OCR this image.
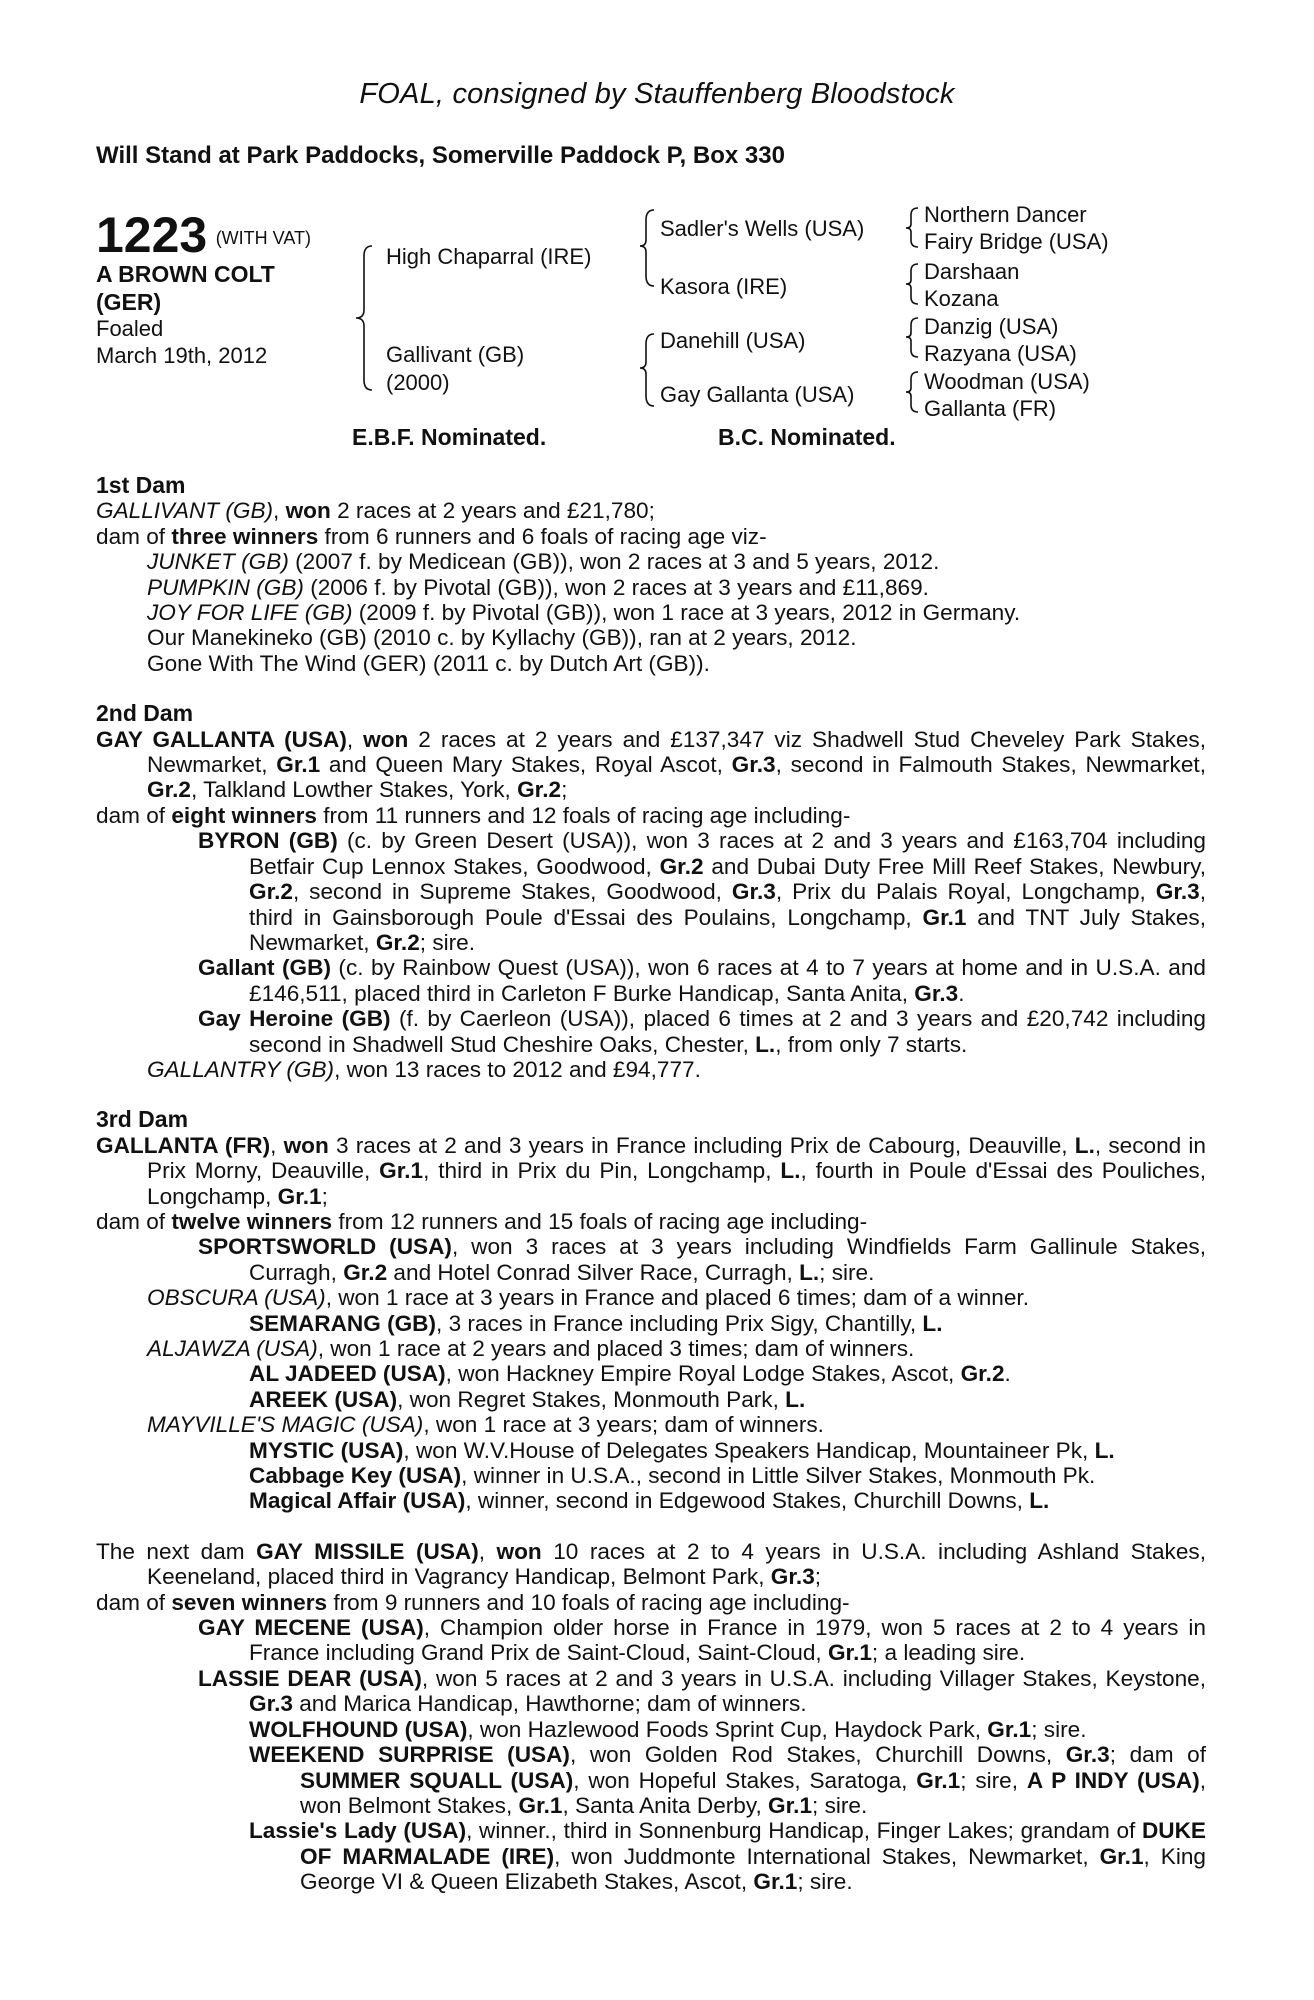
FOAL, consigned by Stauffenberg Bloodstock
Will Stand at Park Paddocks, Somerville Paddock P, Box 330
1223 (WITH VAT)
A BROWN COLT
(GER)
Foaled
March 19th, 2012
High Chaparral (IRE)
Gallivant (GB)
(2000)
Sadler's Wells (USA)
Kasora (IRE)
Danehill (USA)
Gay Gallanta (USA)
Northern Dancer
Fairy Bridge (USA)
Darshaan
Kozana
Danzig (USA)
Razyana (USA)
Woodman (USA)
Gallanta (FR)
E.B.F. Nominated.	B.C. Nominated.

1st Dam

GALLIVANT (GB), won 2 races at 2 years and £21,780;

dam of three winners from 6 runners and 6 foals of racing age viz-

JUNKET (GB) (2007 f. by Medicean (GB)), won 2 races at 3 and 5 years, 2012.

PUMPKIN (GB) (2006 f. by Pivotal (GB)), won 2 races at 3 years and £11,869.

JOY FOR LIFE (GB) (2009 f. by Pivotal (GB)), won 1 race at 3 years, 2012 in Germany.

Our Manekineko (GB) (2010 c. by Kyllachy (GB)), ran at 2 years, 2012.

Gone With The Wind (GER) (2011 c. by Dutch Art (GB)).

2nd Dam

GAY GALLANTA (USA), won 2 races at 2 years and £137,347 viz Shadwell Stud Cheveley Park Stakes, Newmarket, Gr.1 and Queen Mary Stakes, Royal Ascot, Gr.3, second in Falmouth Stakes, Newmarket, Gr.2, Talkland Lowther Stakes, York, Gr.2;

dam of eight winners from 11 runners and 12 foals of racing age including-

BYRON (GB) (c. by Green Desert (USA)), won 3 races at 2 and 3 years and £163,704 including Betfair Cup Lennox Stakes, Goodwood, Gr.2 and Dubai Duty Free Mill Reef Stakes, Newbury, Gr.2, second in Supreme Stakes, Goodwood, Gr.3, Prix du Palais Royal, Longchamp, Gr.3, third in Gainsborough Poule d'Essai des Poulains, Longchamp, Gr.1 and TNT July Stakes, Newmarket, Gr.2; sire.

Gallant (GB) (c. by Rainbow Quest (USA)), won 6 races at 4 to 7 years at home and in U.S.A. and £146,511, placed third in Carleton F Burke Handicap, Santa Anita, Gr.3.

Gay Heroine (GB) (f. by Caerleon (USA)), placed 6 times at 2 and 3 years and £20,742 including second in Shadwell Stud Cheshire Oaks, Chester, L., from only 7 starts.

GALLANTRY (GB), won 13 races to 2012 and £94,777.

3rd Dam

GALLANTA (FR), won 3 races at 2 and 3 years in France including Prix de Cabourg, Deauville, L., second in Prix Morny, Deauville, Gr.1, third in Prix du Pin, Longchamp, L., fourth in Poule d'Essai des Pouliches, Longchamp, Gr.1;

dam of twelve winners from 12 runners and 15 foals of racing age including-

SPORTSWORLD (USA), won 3 races at 3 years including Windfields Farm Gallinule Stakes, Curragh, Gr.2 and Hotel Conrad Silver Race, Curragh, L.; sire.

OBSCURA (USA), won 1 race at 3 years in France and placed 6 times; dam of a winner.

SEMARANG (GB), 3 races in France including Prix Sigy, Chantilly, L.

ALJAWZA (USA), won 1 race at 2 years and placed 3 times; dam of winners.

AL JADEED (USA), won Hackney Empire Royal Lodge Stakes, Ascot, Gr.2.

AREEK (USA), won Regret Stakes, Monmouth Park, L.

MAYVILLE'S MAGIC (USA), won 1 race at 3 years; dam of winners.

MYSTIC (USA), won W.V.House of Delegates Speakers Handicap, Mountaineer Pk, L.

Cabbage Key (USA), winner in U.S.A., second in Little Silver Stakes, Monmouth Pk.

Magical Affair (USA), winner, second in Edgewood Stakes, Churchill Downs, L.

The next dam GAY MISSILE (USA), won 10 races at 2 to 4 years in U.S.A. including Ashland Stakes, Keeneland, placed third in Vagrancy Handicap, Belmont Park, Gr.3;

dam of seven winners from 9 runners and 10 foals of racing age including-

GAY MECENE (USA), Champion older horse in France in 1979, won 5 races at 2 to 4 years in France including Grand Prix de Saint-Cloud, Saint-Cloud, Gr.1; a leading sire.

LASSIE DEAR (USA), won 5 races at 2 and 3 years in U.S.A. including Villager Stakes, Keystone, Gr.3 and Marica Handicap, Hawthorne; dam of winners.

WOLFHOUND (USA), won Hazlewood Foods Sprint Cup, Haydock Park, Gr.1; sire.

WEEKEND SURPRISE (USA), won Golden Rod Stakes, Churchill Downs, Gr.3; dam of SUMMER SQUALL (USA), won Hopeful Stakes, Saratoga, Gr.1; sire, A P INDY (USA), won Belmont Stakes, Gr.1, Santa Anita Derby, Gr.1; sire.

Lassie's Lady (USA), winner., third in Sonnenburg Handicap, Finger Lakes; grandam of DUKE OF MARMALADE (IRE), won Juddmonte International Stakes, Newmarket, Gr.1, King George VI & Queen Elizabeth Stakes, Ascot, Gr.1; sire.
